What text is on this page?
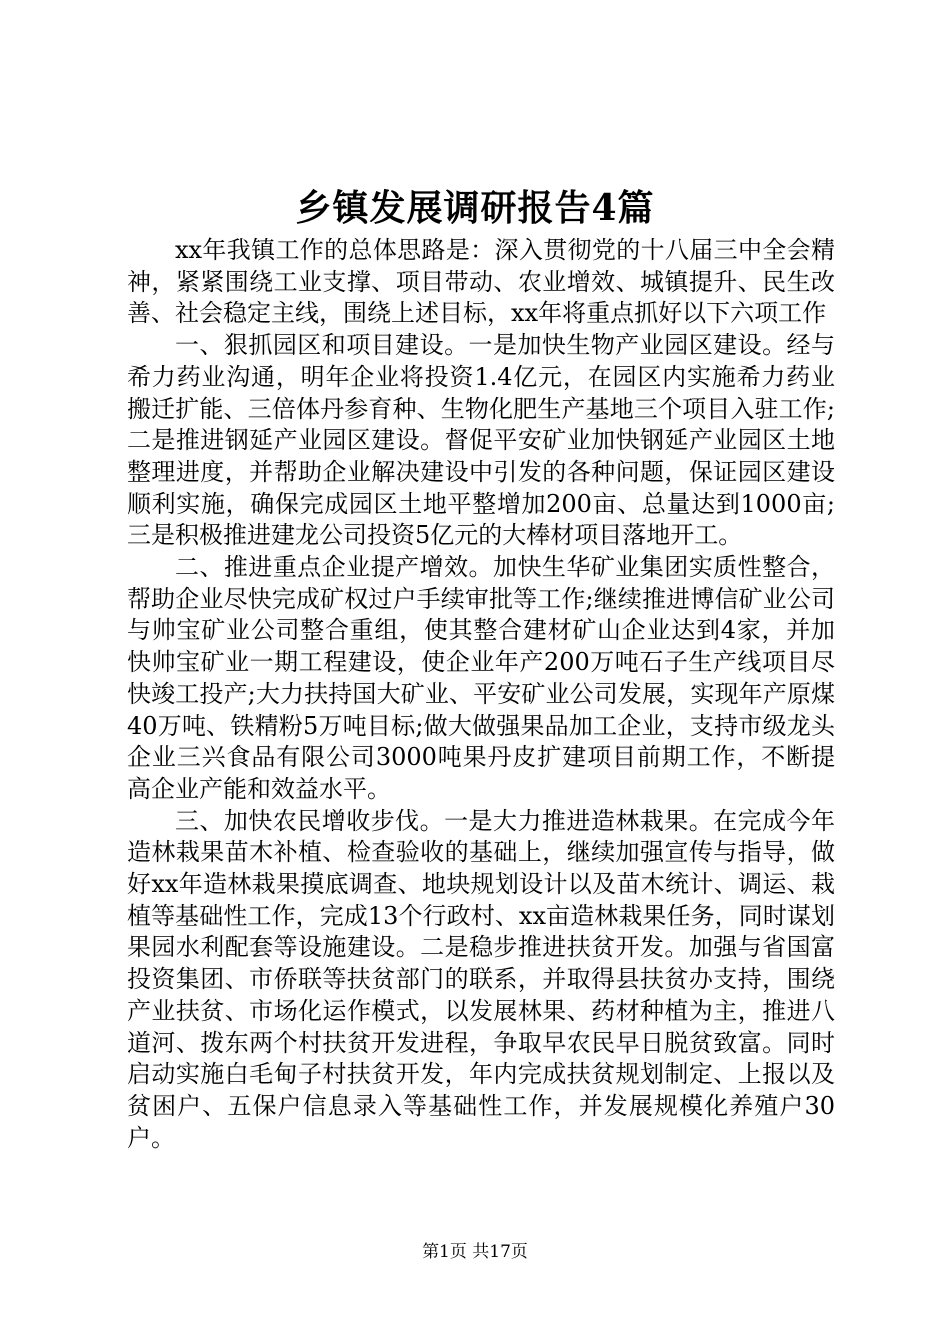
乡镇发展调研报告4篇

xx年我镇工作的总体思路是：深入贯彻党的十八届三中全会精神，紧紧围绕工业支撑、项目带动、农业增效、城镇提升、民生改善、社会稳定主线，围绕上述目标，xx年将重点抓好以下六项工作

一、狠抓园区和项目建设。一是加快生物产业园区建设。经与希力药业沟通，明年企业将投资1.4亿元，在园区内实施希力药业搬迁扩能、三倍体丹参育种、生物化肥生产基地三个项目入驻工作;二是推进钢延产业园区建设。督促平安矿业加快钢延产业园区土地整理进度，并帮助企业解决建设中引发的各种问题，保证园区建设顺利实施，确保完成园区土地平整增加200亩、总量达到1000亩;三是积极推进建龙公司投资5亿元的大棒材项目落地开工。

二、推进重点企业提产增效。加快生华矿业集团实质性整合，帮助企业尽快完成矿权过户手续审批等工作;继续推进博信矿业公司与帅宝矿业公司整合重组，使其整合建材矿山企业达到4家，并加快帅宝矿业一期工程建设，使企业年产200万吨石子生产线项目尽快竣工投产;大力扶持国大矿业、平安矿业公司发展，实现年产原煤40万吨、铁精粉5万吨目标;做大做强果品加工企业，支持市级龙头企业三兴食品有限公司3000吨果丹皮扩建项目前期工作，不断提高企业产能和效益水平。

三、加快农民增收步伐。一是大力推进造林栽果。在完成今年造林栽果苗木补植、检查验收的基础上，继续加强宣传与指导，做好xx年造林栽果摸底调查、地块规划设计以及苗木统计、调运、栽植等基础性工作，完成13个行政村、xx亩造林栽果任务，同时谋划果园水利配套等设施建设。二是稳步推进扶贫开发。加强与省国富投资集团、市侨联等扶贫部门的联系，并取得县扶贫办支持，围绕产业扶贫、市场化运作模式，以发展林果、药材种植为主，推进八道河、拨东两个村扶贫开发进程，争取早农民早日脱贫致富。同时启动实施白毛甸子村扶贫开发，年内完成扶贫规划制定、上报以及贫困户、五保户信息录入等基础性工作，并发展规模化养殖户30户。

第1页 共17页
